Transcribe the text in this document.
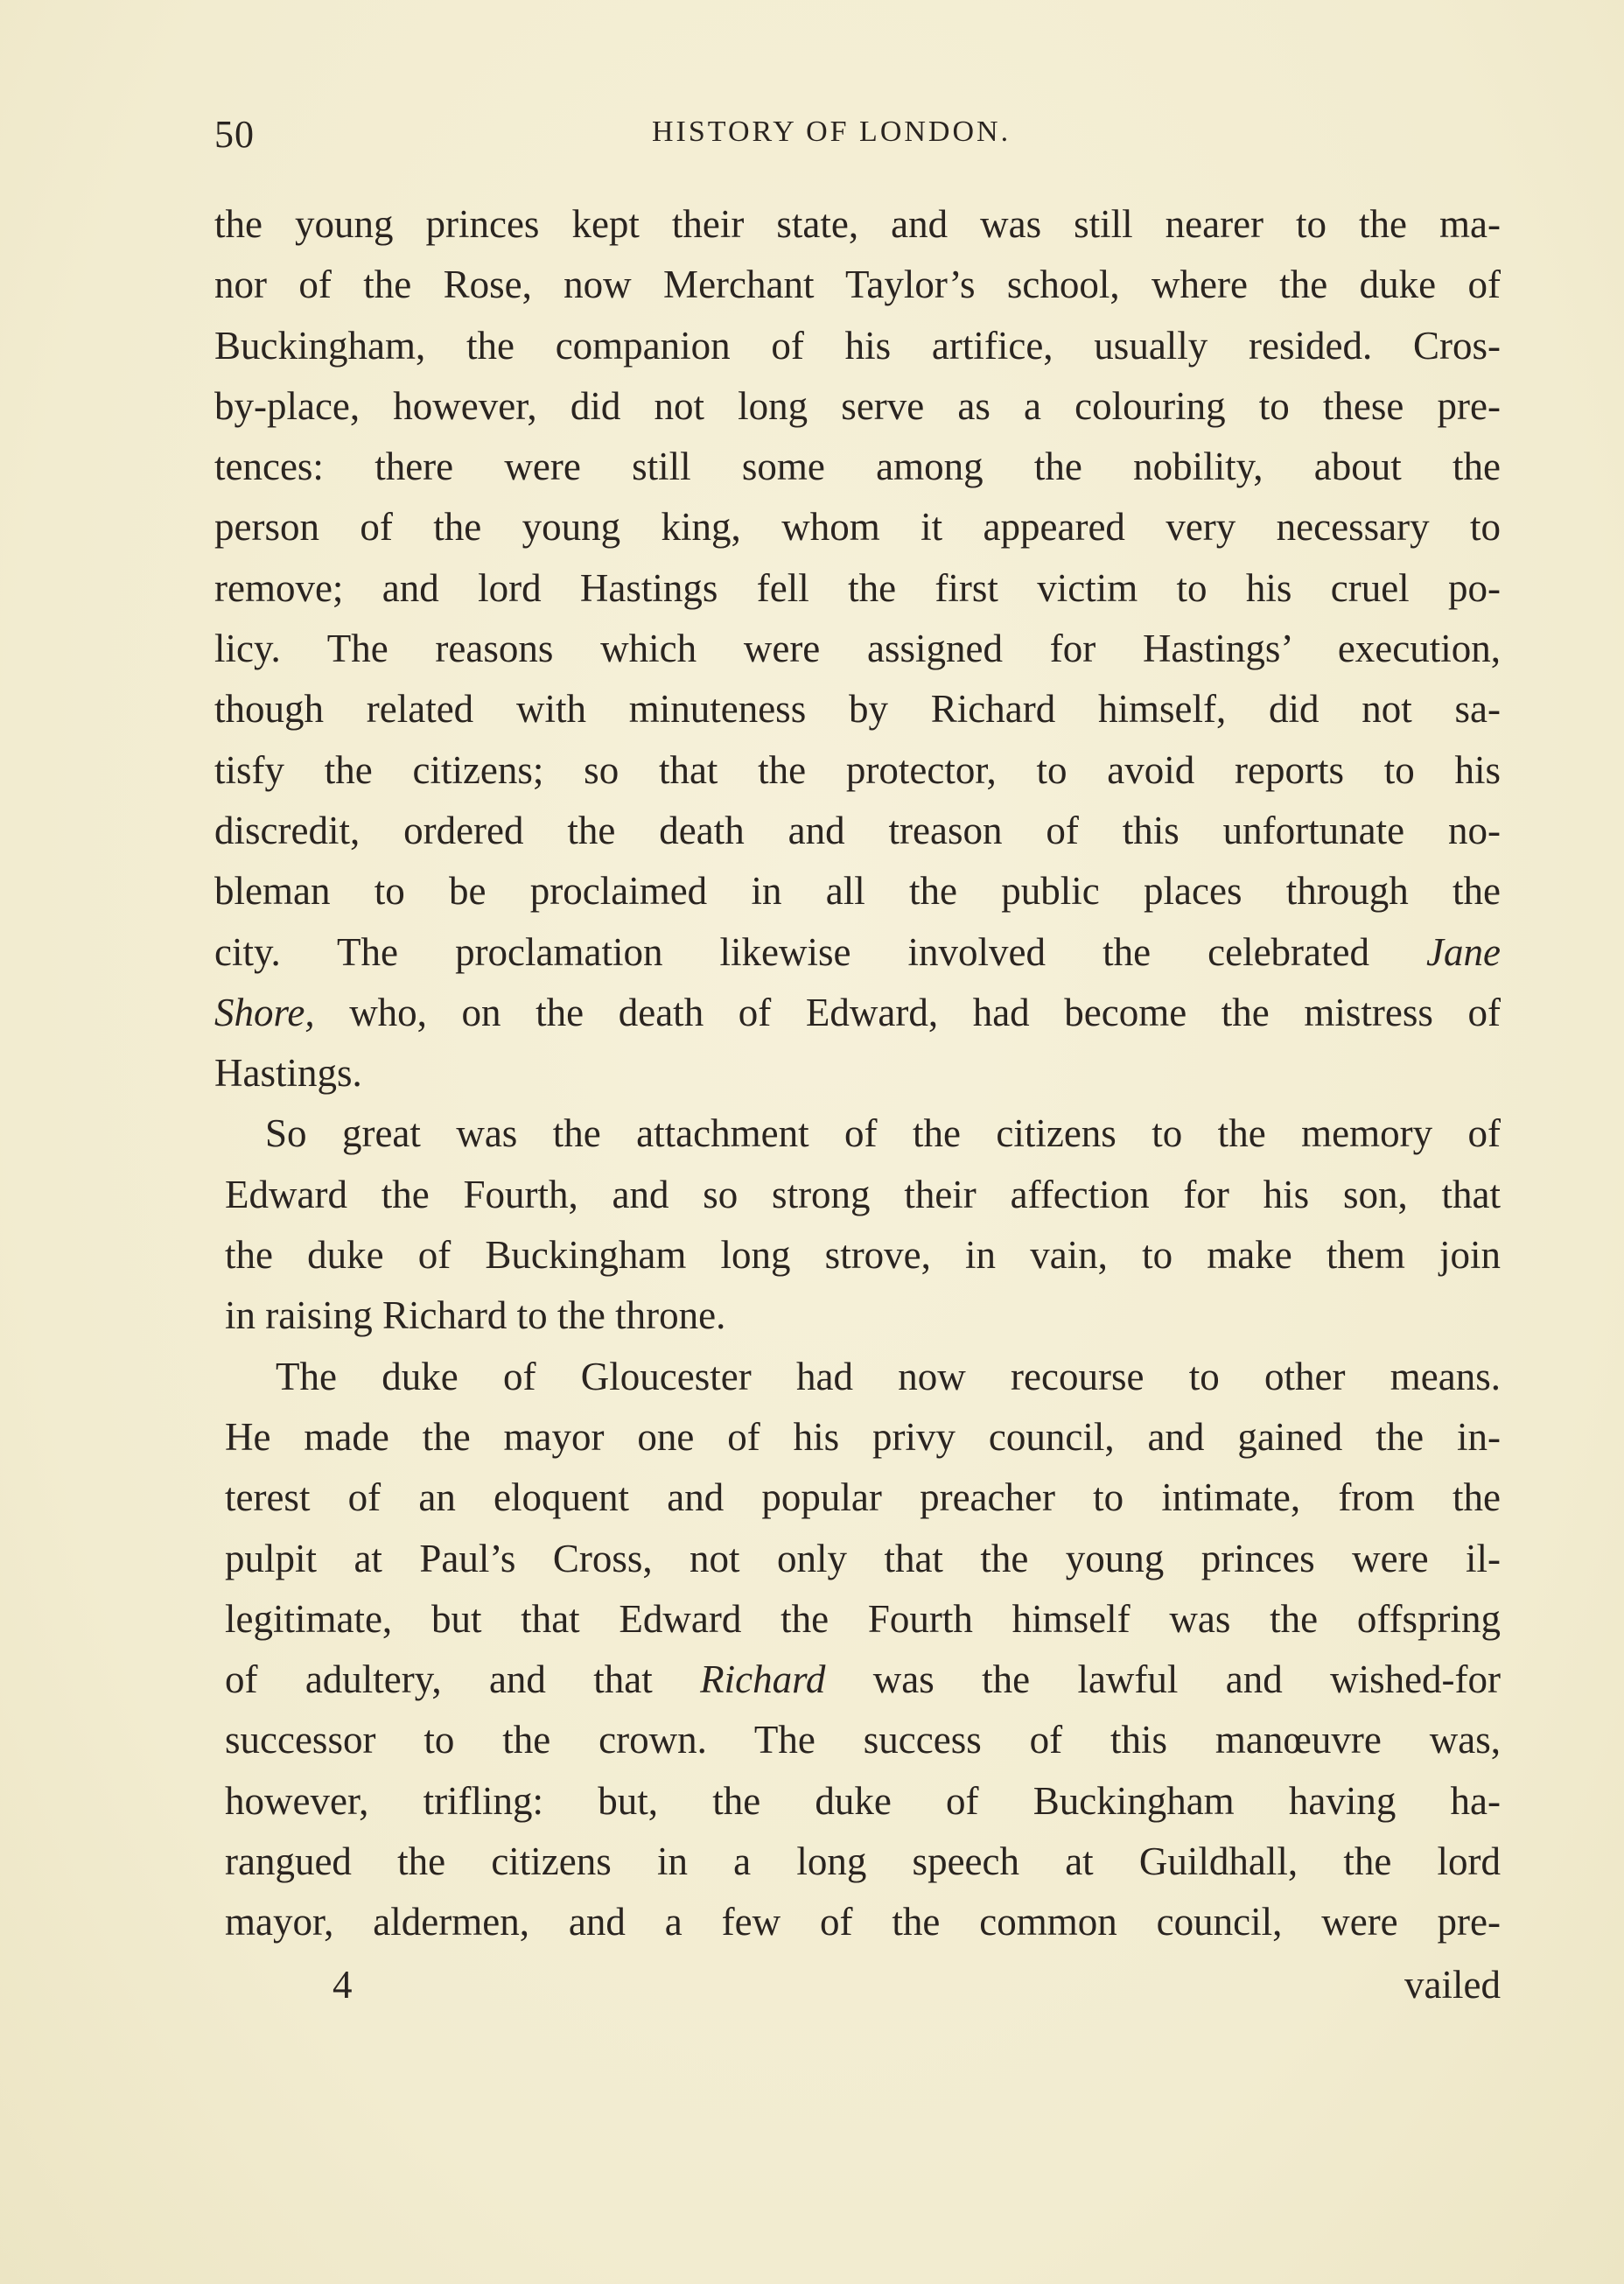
50	HISTORY OF LONDON.
the young princes kept their state, and was still nearer to the ma-
nor of the Rose, now Merchant Taylor’s school, where the duke of
Buckingham, the companion of his artifice, usually resided. Cros-
by-place, however, did not long serve as a colouring to these pre-
tences: there were still some among the nobility, about the
person of the young king, whom it appeared very necessary to
remove; and lord Hastings fell the first victim to his cruel po-
licy. The reasons which were assigned for Hastings’ execution,
though related with minuteness by Richard himself, did not sa-
tisfy the citizens; so that the protector, to avoid reports to his
discredit, ordered the death and treason of this unfortunate no-
bleman to be proclaimed in all the public places through the
city. The proclamation likewise involved the celebrated Jane
Shore, who, on the death of Edward, had become the mistress of
Hastings.
So great was the attachment of the citizens to the memory of
Edward the Fourth, and so strong their affection for his son, that
the duke of Buckingham long strove, in vain, to make them join
in raising Richard to the throne.
The duke of Gloucester had now recourse to other means.
He made the mayor one of his privy council, and gained the in-
terest of an eloquent and popular preacher to intimate, from the
pulpit at Paul’s Cross, not only that the young princes were il-
legitimate, but that Edward the Fourth himself was the offspring
of adultery, and that Richard was the lawful and wished-for
successor to the crown. The success of this manœuvre was,
however, trifling: but, the duke of Buckingham having ha-
rangued the citizens in a long speech at Guildhall, the lord
mayor, aldermen, and a few of the common council, were pre-
4	vailed
